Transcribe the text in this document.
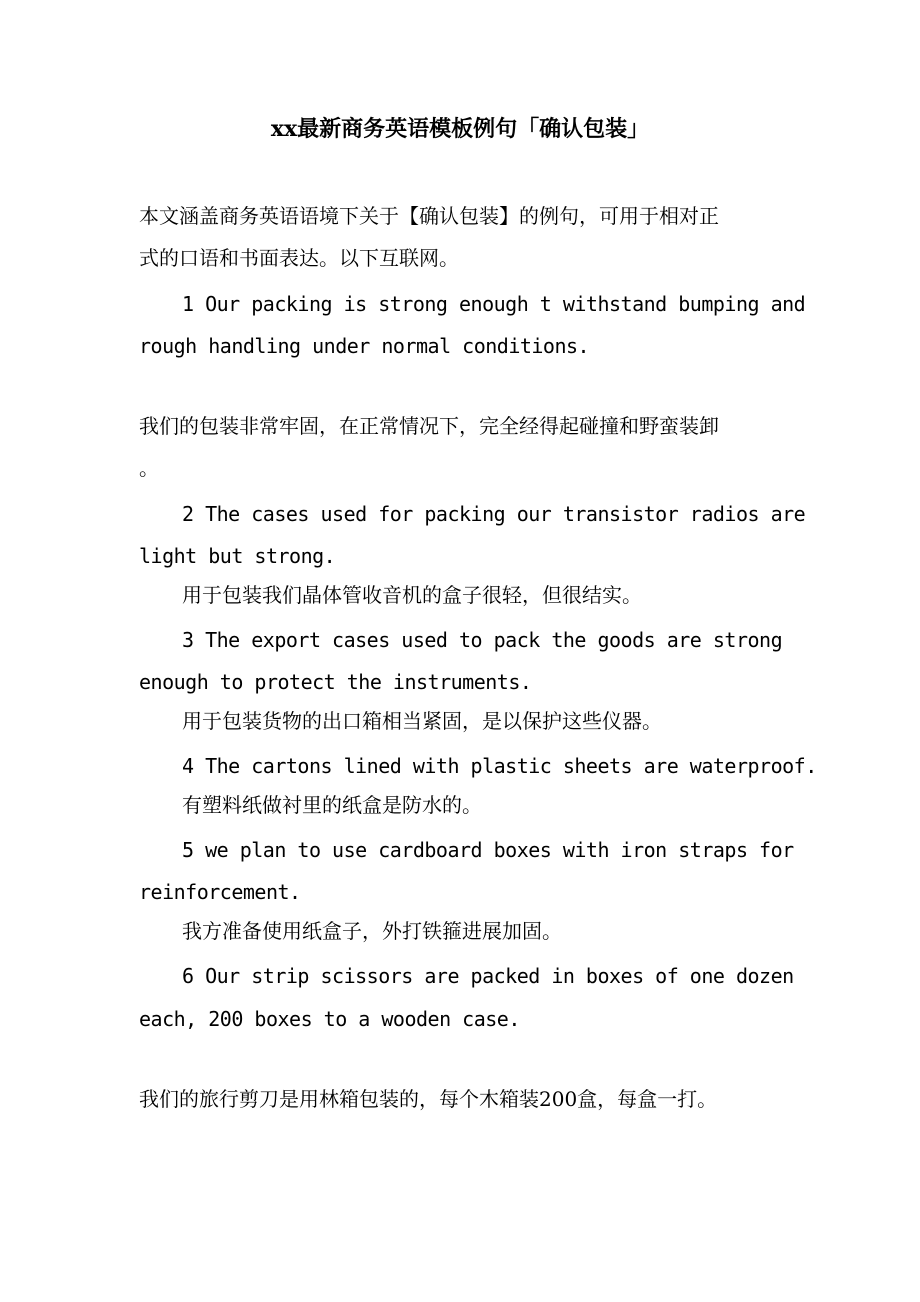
xx最新商务英语模板例句「确认包装」
本文涵盖商务英语语境下关于【确认包装】的例句，可用于相对正
式的口语和书面表达。以下互联网。
1 Our packing is strong enough t withstand bumping and
rough handling under normal conditions.
我们的包装非常牢固，在正常情况下，完全经得起碰撞和野蛮装卸
。
2 The cases used for packing our transistor radios are
light but strong.
用于包装我们晶体管收音机的盒子很轻，但很结实。
3 The export cases used to pack the goods are strong
enough to protect the instruments.
用于包装货物的出口箱相当紧固，是以保护这些仪器。
4 The cartons lined with plastic sheets are waterproof.
有塑料纸做衬里的纸盒是防水的。
5 we plan to use cardboard boxes with iron straps for
reinforcement.
我方准备使用纸盒子，外打铁箍进展加固。
6 Our strip scissors are packed in boxes of one dozen
each, 200 boxes to a wooden case.
我们的旅行剪刀是用林箱包装的，每个木箱装200盒，每盒一打。
